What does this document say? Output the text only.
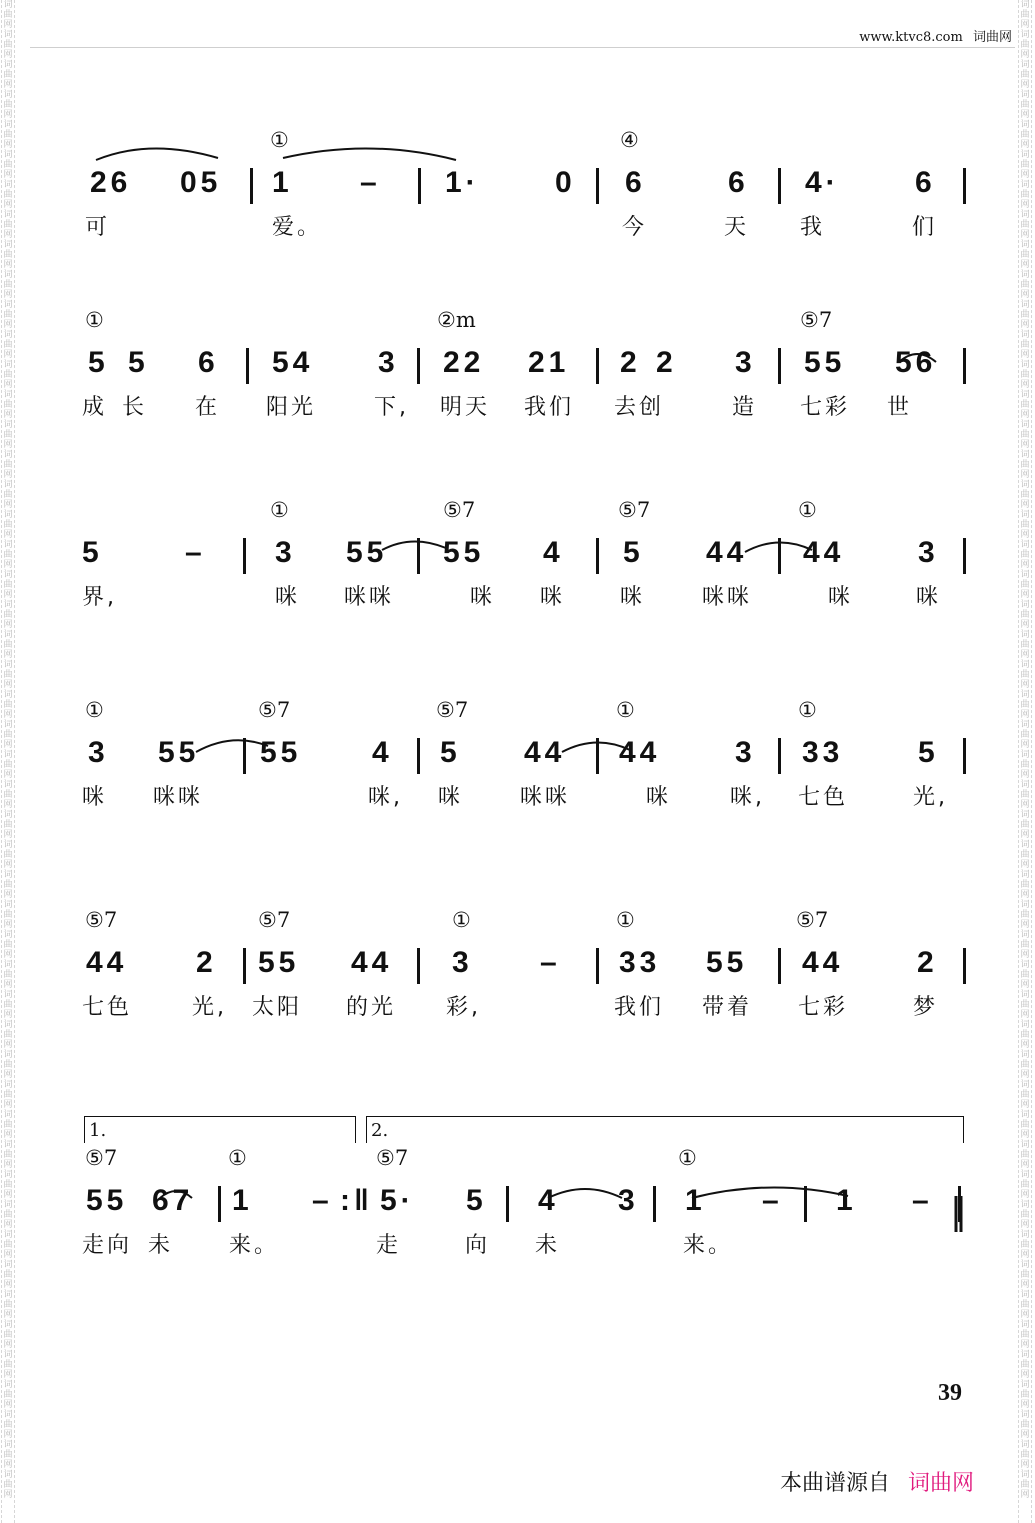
词曲网词曲网词曲网词曲网词曲网词曲网词曲网词曲网词曲网词曲网词曲网词曲网词曲网词曲网词曲网词曲网词曲网词曲网词曲网词曲网词曲网词曲网词曲网词曲网词曲网词曲网词曲网词曲网词曲网词曲网词曲网词曲网词曲网词曲网词曲网词曲网词曲网词曲网词曲网词曲网词曲网词曲网词曲网词曲网词曲网词曲网词曲网词曲网词曲网词曲网
词曲网词曲网词曲网词曲网词曲网词曲网词曲网词曲网词曲网词曲网词曲网词曲网词曲网词曲网词曲网词曲网词曲网词曲网词曲网词曲网词曲网词曲网词曲网词曲网词曲网词曲网词曲网词曲网词曲网词曲网词曲网词曲网词曲网词曲网词曲网词曲网词曲网词曲网词曲网词曲网词曲网词曲网词曲网词曲网词曲网词曲网词曲网词曲网词曲网词曲网
www.ktvc8.com 词曲网
①	④
26 05 1 – 1·	0 6	6 4·	6
可	爱。	今	天 我	们
①	②m	⑤7
5 5 6 54 3 22 21 2 2 3 55 56
成 长 在 阳光	下, 明天 我们 去创	造 七彩 世
①	⑤7	⑤7	①
5	– 3 55 55 4 5 44 44 3
界,	咪 咪咪	咪 咪 咪	咪咪	咪	咪
①	⑤7	⑤7	①	①
3 55 55 4 5 44 44 3 33 5
咪 咪咪	咪, 咪	咪咪	咪	咪, 七色	光,
⑤7	⑤7	①	①	⑤7
44 2 55 44 3 – 33 55 44 2
七色	光, 太阳 的光 彩,	我们 带着 七彩	梦
1.	2.
⑤7	①	⑤7	①
55 67 1 – :‖ 5· 5 4 3 1 – 1 –
走向 未	来。	走	向 未	来。
39
本曲谱源自 词曲网
